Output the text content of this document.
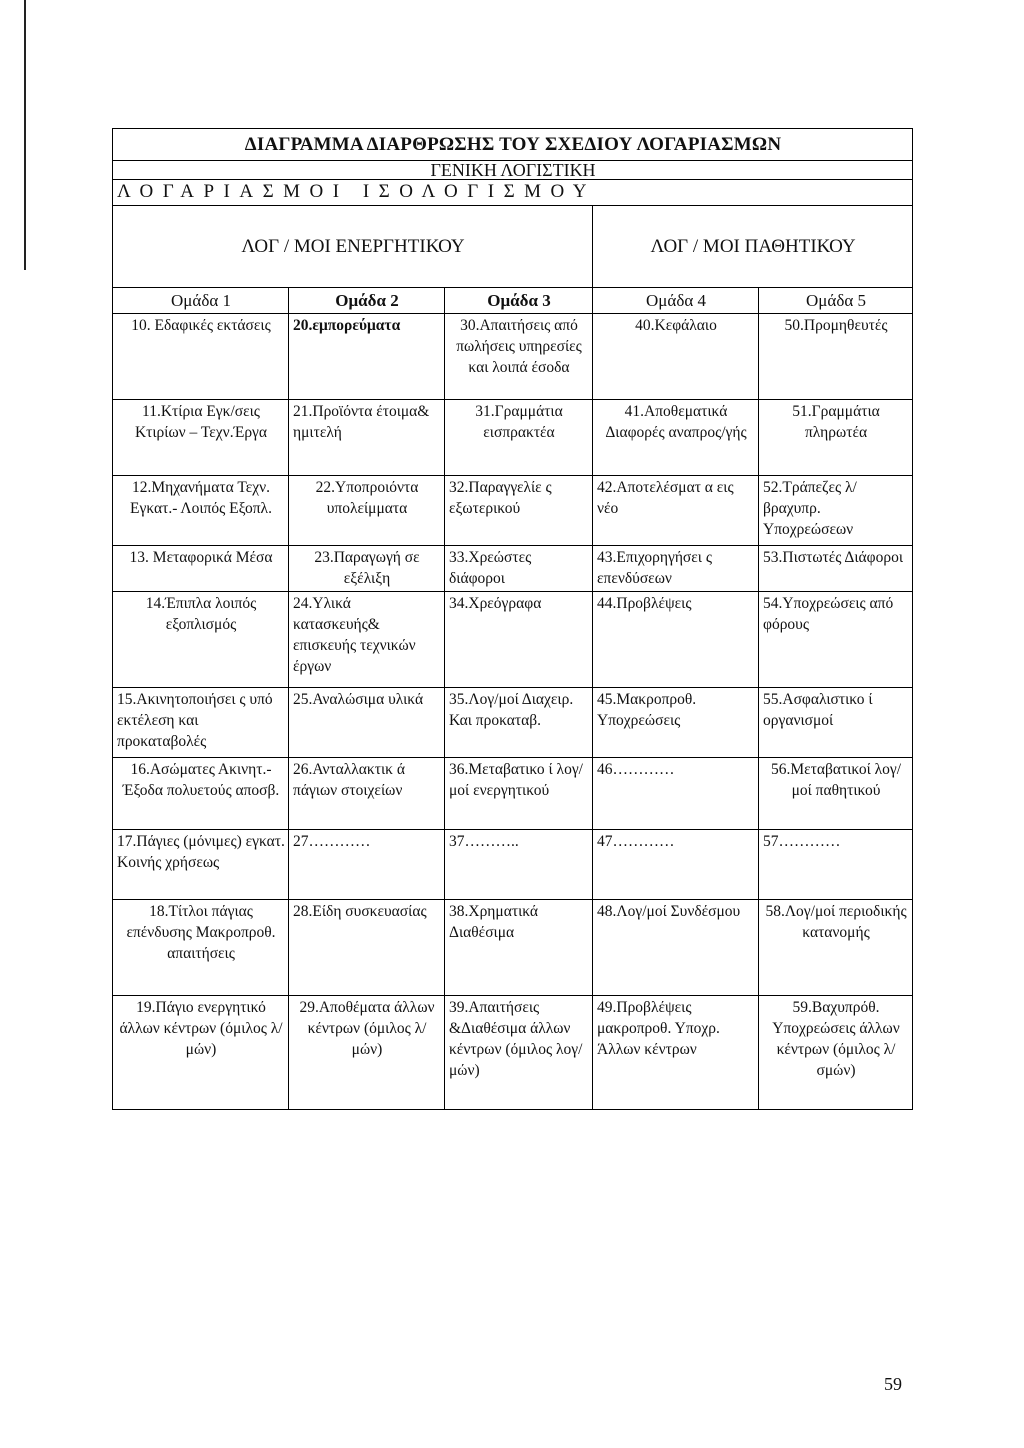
ΔΙΑΓΡΑΜΜΑ ΔΙΑΡΘΡΩΣΗΣ ΤΟΥ ΣΧΕΔΙΟΥ ΛΟΓΑΡΙΑΣΜΩΝ				
ΓΕΝΙΚΗ ΛΟΓΙΣΤΙΚΗ				
ΛΟΓΑΡΙΑΣΜΟΙ ΙΣΟΛΟΓΙΣΜΟΥ				
ΛΟΓ / ΜΟΙ ΕΝΕΡΓΗΤΙΚΟΥ			ΛΟΓ / ΜΟΙ ΠΑΘΗΤΙΚΟΥ	
Ομάδα 1	Ομάδα 2	Ομάδα 3	Ομάδα 4	Ομάδα 5
10. Εδαφικές εκτάσεις	20.εμπορεύματα	30.Απαιτήσεις από πωλήσεις υπηρεσίες και λοιπά έσοδα	40.Κεφάλαιο	50.Προμηθευτές
11.Κτίρια Εγκ/σεις Κτιρίων – Τεχν.Έργα	21.Προϊόντα έτοιμα& ημιτελή	31.Γραμμάτια εισπρακτέα	41.Αποθεματικά Διαφορές αναπρος/γής	51.Γραμμάτια πληρωτέα
12.Μηχανήματα Τεχν. Εγκατ.- Λοιπός Εξοπλ.	22.Υποπροιόντα υπολείμματα	32.Παραγγελίε ς εξωτερικού	42.Αποτελέσματ α εις νέο	52.Τράπεζες λ/βραχυπρ. Υποχρεώσεων
13. Μεταφορικά Μέσα	23.Παραγωγή σε εξέλιξη	33.Χρεώστες διάφοροι	43.Επιχορηγήσει ς επενδύσεων	53.Πιστωτές Διάφοροι
14.Έπιπλα λοιπός εξοπλισμός	24.Υλικά κατασκευής& επισκευής τεχνικών έργων	34.Χρεόγραφα	44.Προβλέψεις	54.Υποχρεώσεις από φόρους
15.Ακινητοποιήσει ς υπό εκτέλεση και προκαταβολές	25.Αναλώσιμα υλικά	35.Λογ/μοί Διαχειρ. Και προκαταβ.	45.Μακροπροθ. Υποχρεώσεις	55.Ασφαλιστικο ί οργανισμοί
16.Ασώματες Ακινητ.-Έξοδα πολυετούς αποσβ.	26.Ανταλλακτικ ά πάγιων στοιχείων	36.Μεταβατικο ί λογ/μοί ενεργητικού	46…………	56.Μεταβατικοί λογ/μοί παθητικού
17.Πάγιες (μόνιμες) εγκατ. Κοινής χρήσεως	27…………	37………..	47…………	57…………
18.Τίτλοι πάγιας επένδυσης Μακροπροθ. απαιτήσεις	28.Είδη συσκευασίας	38.Χρηματικά Διαθέσιμα	48.Λογ/μοί Συνδέσμου	58.Λογ/μοί περιοδικής κατανομής
19.Πάγιο ενεργητικό άλλων κέντρων (όμιλος λ/μών)	29.Αποθέματα άλλων κέντρων (όμιλος λ/μών)	39.Απαιτήσεις &Διαθέσιμα άλλων κέντρων (όμιλος λογ/μών)	49.Προβλέψεις μακροπροθ. Υποχρ. Άλλων κέντρων	59.Βαχυπρόθ. Υποχρεώσεις άλλων κέντρων (όμιλος λ/σμών)
59
